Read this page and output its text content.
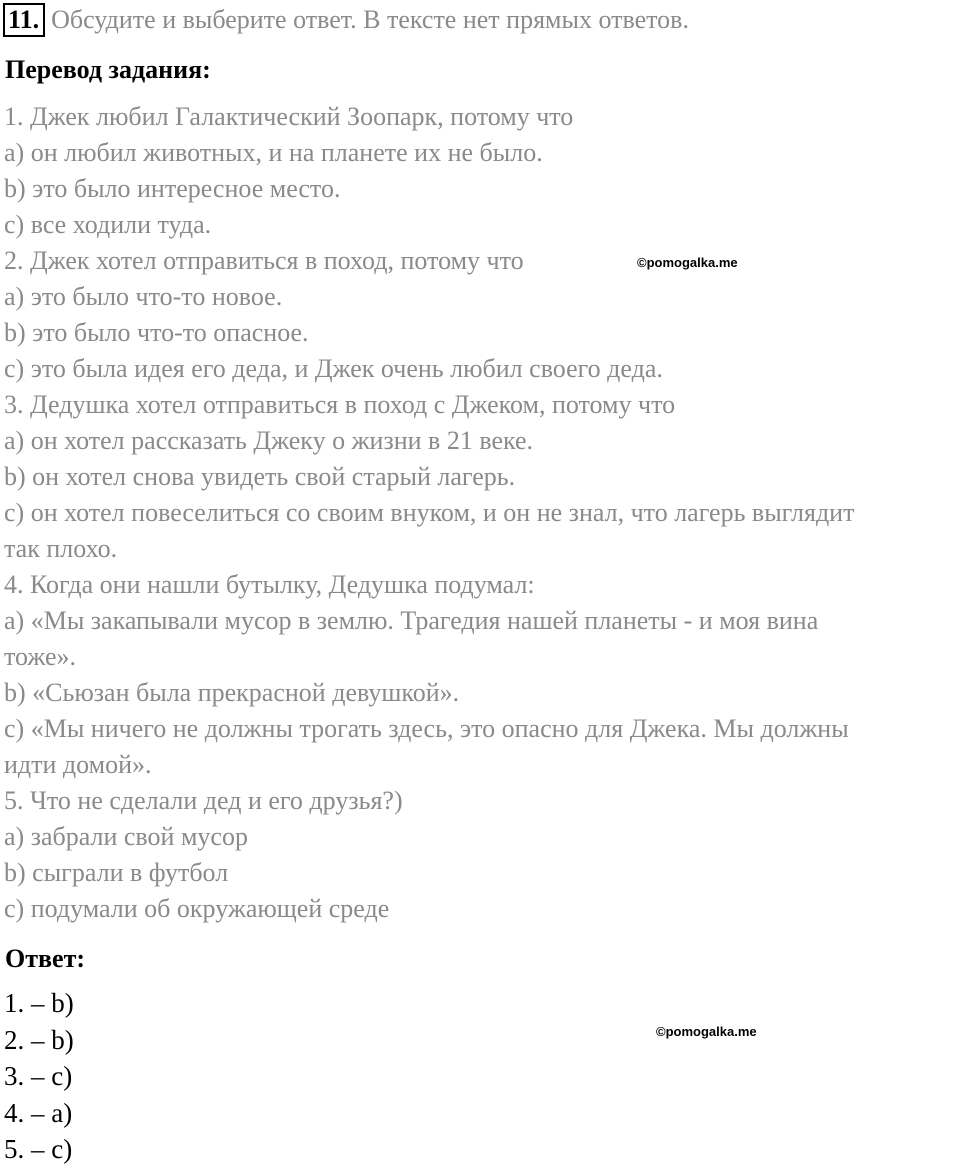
11. Обсудите и выберите ответ. В тексте нет прямых ответов.
Перевод задания:
1. Джек любил Галактический Зоопарк, потому что
a) он любил животных, и на планете их не было.
b) это было интересное место.
c) все ходили туда.
2. Джек хотел отправиться в поход, потому что
a) это было что-то новое.
b) это было что-то опасное.
c) это была идея его деда, и Джек очень любил своего деда.
3. Дедушка хотел отправиться в поход с Джеком, потому что
a) он хотел рассказать Джеку о жизни в 21 веке.
b) он хотел снова увидеть свой старый лагерь.
c) он хотел повеселиться со своим внуком, и он не знал, что лагерь выглядит
так плохо.
4. Когда они нашли бутылку, Дедушка подумал:
a) «Мы закапывали мусор в землю. Трагедия нашей планеты - и моя вина
тоже».
b) «Сьюзан была прекрасной девушкой».
c) «Мы ничего не должны трогать здесь, это опасно для Джека. Мы должны
идти домой».
5. Что не сделали дед и его друзья?)
a) забрали свой мусор
b) сыграли в футбол
c) подумали об окружающей среде
Ответ:
1. – b)
2. – b)
3. – c)
4. – a)
5. – c)
©pomogalka.me
©pomogalka.me
